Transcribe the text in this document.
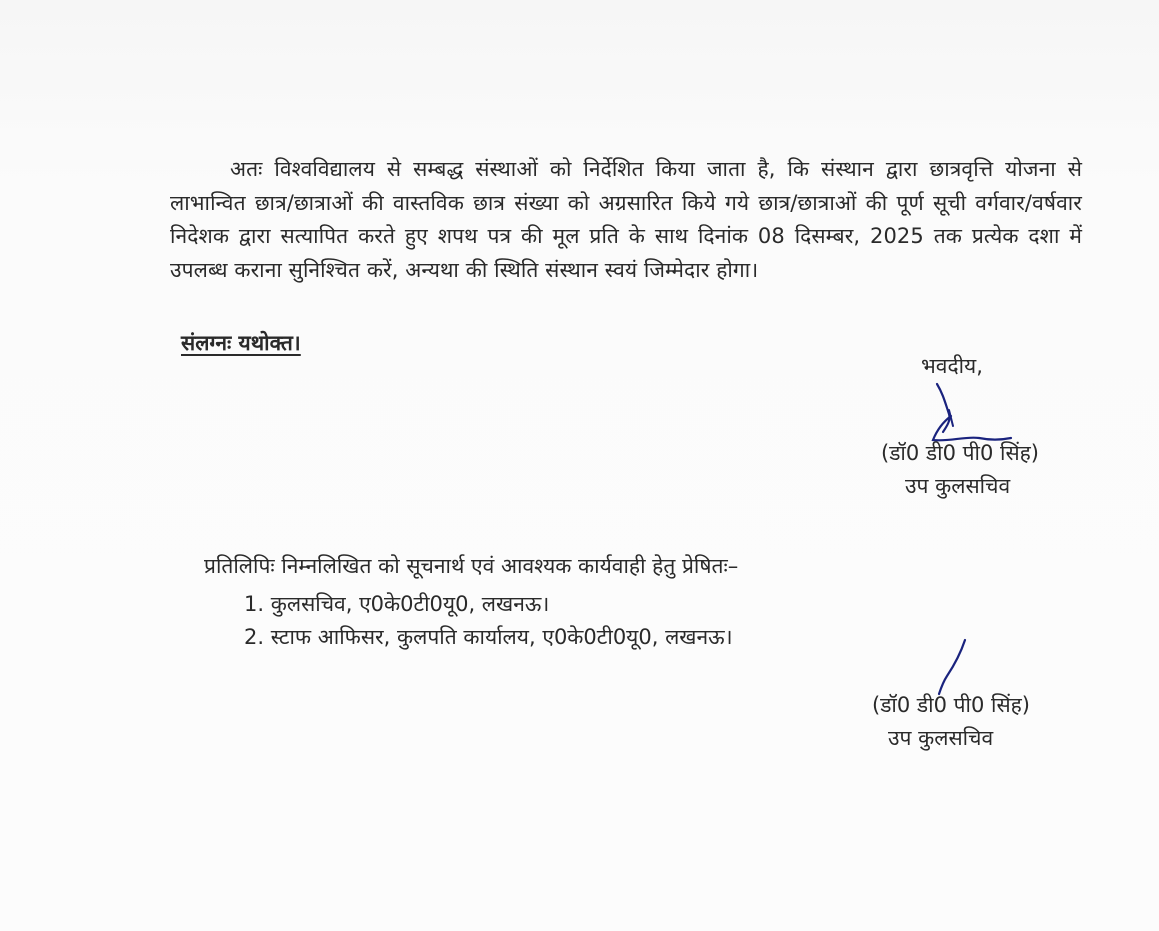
अतः विश्वविद्यालय से सम्बद्ध संस्थाओं को निर्देशित किया जाता है, कि संस्थान द्वारा छात्रवृत्ति योजना से लाभान्वित छात्र/छात्राओं की वास्तविक छात्र संख्या को अग्रसारित किये गये छात्र/छात्राओं की पूर्ण सूची वर्गवार/वर्षवार निदेशक द्वारा सत्यापित करते हुए शपथ पत्र की मूल प्रति के साथ दिनांक 08 दिसम्बर, 2025 तक प्रत्येक दशा में उपलब्ध कराना सुनिश्चित करें, अन्यथा की स्थिति संस्थान स्वयं जिम्मेदार होगा।

संलग्नः यथोक्त।
भवदीय,
(डॉ0 डी0 पी0 सिंह)
उप कुलसचिव
प्रतिलिपिः निम्नलिखित को सूचनार्थ एवं आवश्यक कार्यवाही हेतु प्रेषितः–
1. कुलसचिव, ए0के0टी0यू0, लखनऊ।
2. स्टाफ आफिसर, कुलपति कार्यालय, ए0के0टी0यू0, लखनऊ।
(डॉ0 डी0 पी0 सिंह)
उप कुलसचिव
